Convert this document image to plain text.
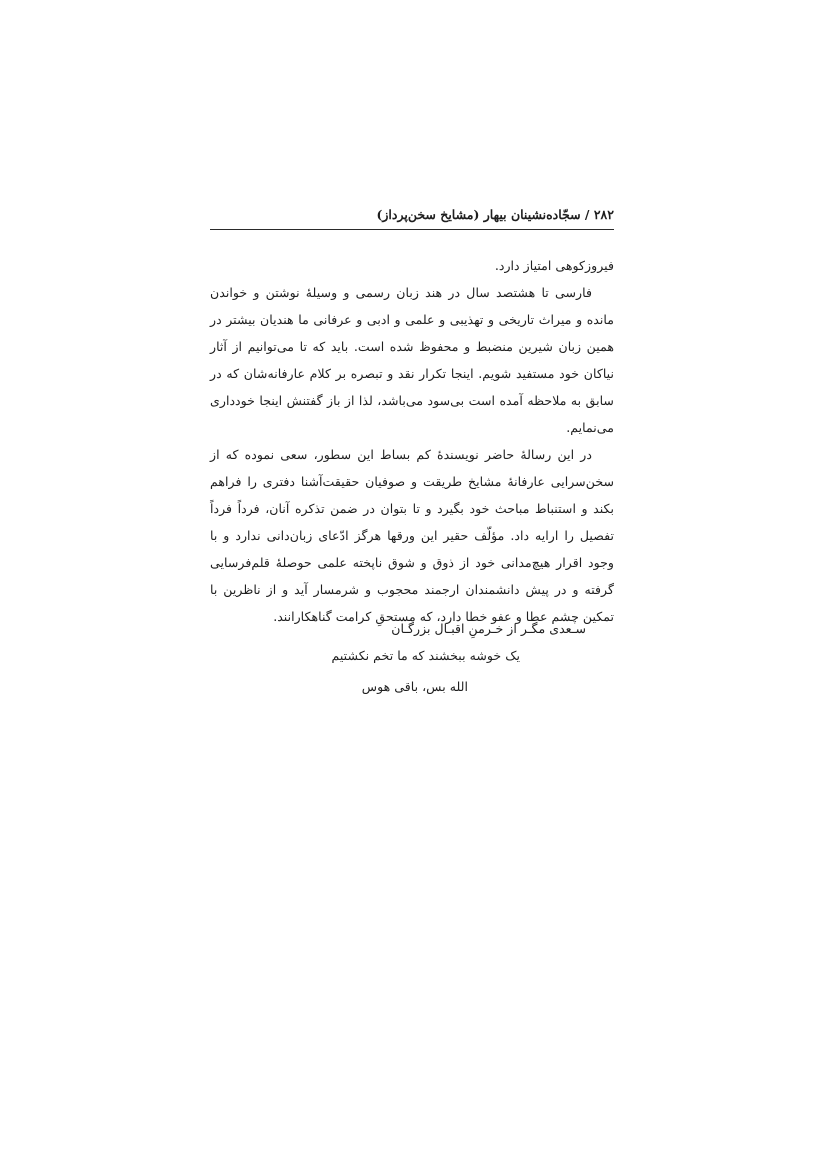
۲۸۲ / سجّاده‌نشینان بیهار (مشایخ سخن‌پرداز)

فیروزکوهی امتیاز دارد.

فارسی تا هشتصد سال در هند زبان رسمی و وسیلهٔ نوشتن و خواندن مانده و میراث تاریخی و تهذیبی و علمی و ادبی و عرفانی ما هندیان بیشتر در همین زبان شیرین منضبط و محفوظ شده است. باید که تا می‌توانیم از آثار نیاکان خود مستفید شویم. اینجا تکرار نقد و تبصره بر کلام عارفانه‌شان که در سابق به ملاحظه آمده است بی‌سود می‌باشد، لذا از باز گفتنش اینجا خودداری می‌نمایم.

در این رسالهٔ حاضر نویسندهٔ کم بساط این سطور، سعی نموده که از سخن‌سرایی عارفانهٔ مشایخ طریقت و صوفیان حقیقت‌آشنا دفتری را فراهم بکند و استنباط مباحث خود بگیرد و تا بتوان در ضمن تذکره آنان، فرداً فرداً تفصیل را ارایه داد. مؤلّف حقیر این ورقها هرگز ادّعای زبان‌دانی ندارد و با وجود اقرار هیچ‌مدانی خود از ذوق و شوق ناپخته علمی حوصلهٔ قلم‌فرسایی گرفته و در پیش دانشمندان ارجمند محجوب و شرمسار آید و از ناظرین با تمکین چشم عطا و عفو خطا دارد، که مستحقِ کرامت گناهکارانند.

سـعدی مگـر از خـرمنِ اقبـال بزرگـان
یک خوشه ببخشند که ما تخم نکشتیم
الله بس، باقی هوس
